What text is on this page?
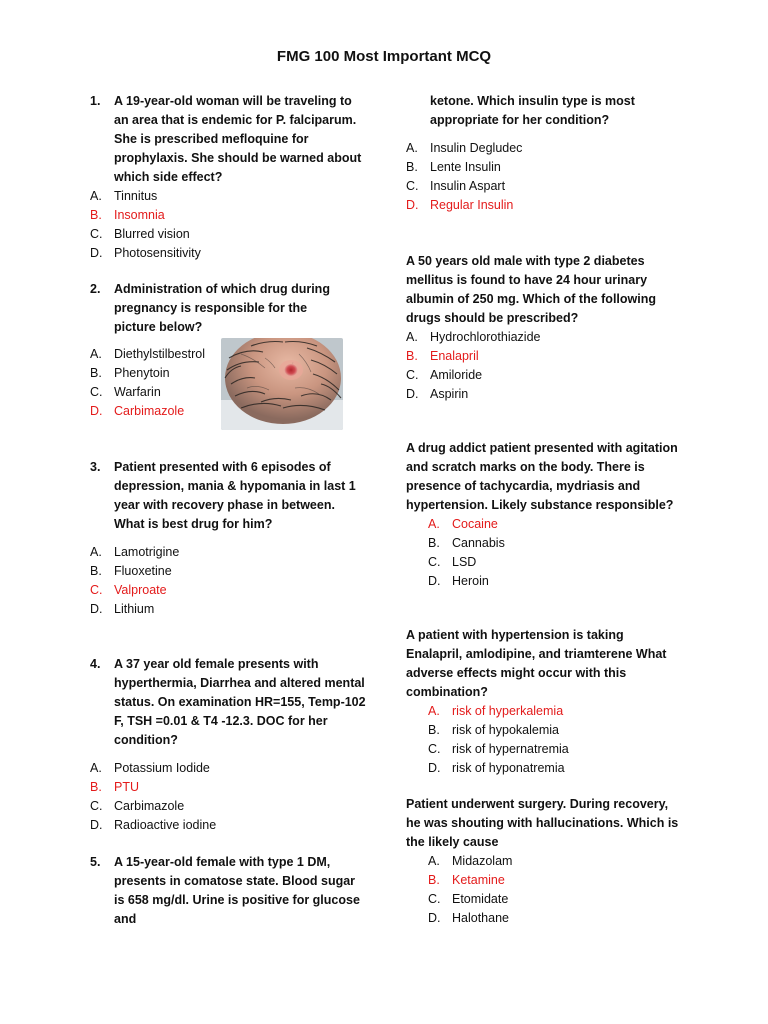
FMG 100 Most Important MCQ
1.	A 19-year-old woman will be traveling to an area that is endemic for P. falciparum. She is prescribed mefloquine for prophylaxis. She should be warned about which side effect?
A. Tinnitus
B. Insomnia
C. Blurred vision
D. Photosensitivity
2.	Administration of which drug during pregnancy is responsible for the picture below?
A. Diethylstilbestrol
B. Phenytoin
C. Warfarin
D. Carbimazole
3.	Patient presented with 6 episodes of depression, mania & hypomania in last 1 year with recovery phase in between. What is best drug for him?
A. Lamotrigine
B. Fluoxetine
C. Valproate
D. Lithium
4.	A 37 year old female presents with hyperthermia, Diarrhea and altered mental status. On examination HR=155, Temp-102 F, TSH =0.01 & T4 -12.3. DOC for her condition?
A. Potassium Iodide
B. PTU
C. Carbimazole
D. Radioactive iodine
5.	A 15-year-old female with type 1 DM, presents in comatose state. Blood sugar is 658 mg/dl. Urine is positive for glucose and
ketone. Which insulin type is most appropriate for her condition?
A. Insulin Degludec
B. Lente Insulin
C. Insulin Aspart
D. Regular Insulin
A 50 years old male with type 2 diabetes mellitus is found to have 24 hour urinary albumin of 250 mg. Which of the following drugs should be prescribed?
A. Hydrochlorothiazide
B. Enalapril
C. Amiloride
D. Aspirin
A drug addict patient presented with agitation and scratch marks on the body. There is presence of tachycardia, mydriasis and hypertension. Likely substance responsible?
A. Cocaine
B. Cannabis
C. LSD
D. Heroin
A patient with hypertension is taking Enalapril, amlodipine, and triamterene What adverse effects might occur with this combination?
A. risk of hyperkalemia
B. risk of hypokalemia
C. risk of hypernatremia
D. risk of hyponatremia
Patient underwent surgery. During recovery, he was shouting with hallucinations. Which is the likely cause
A. Midazolam
B. Ketamine
C. Etomidate
D. Halothane
